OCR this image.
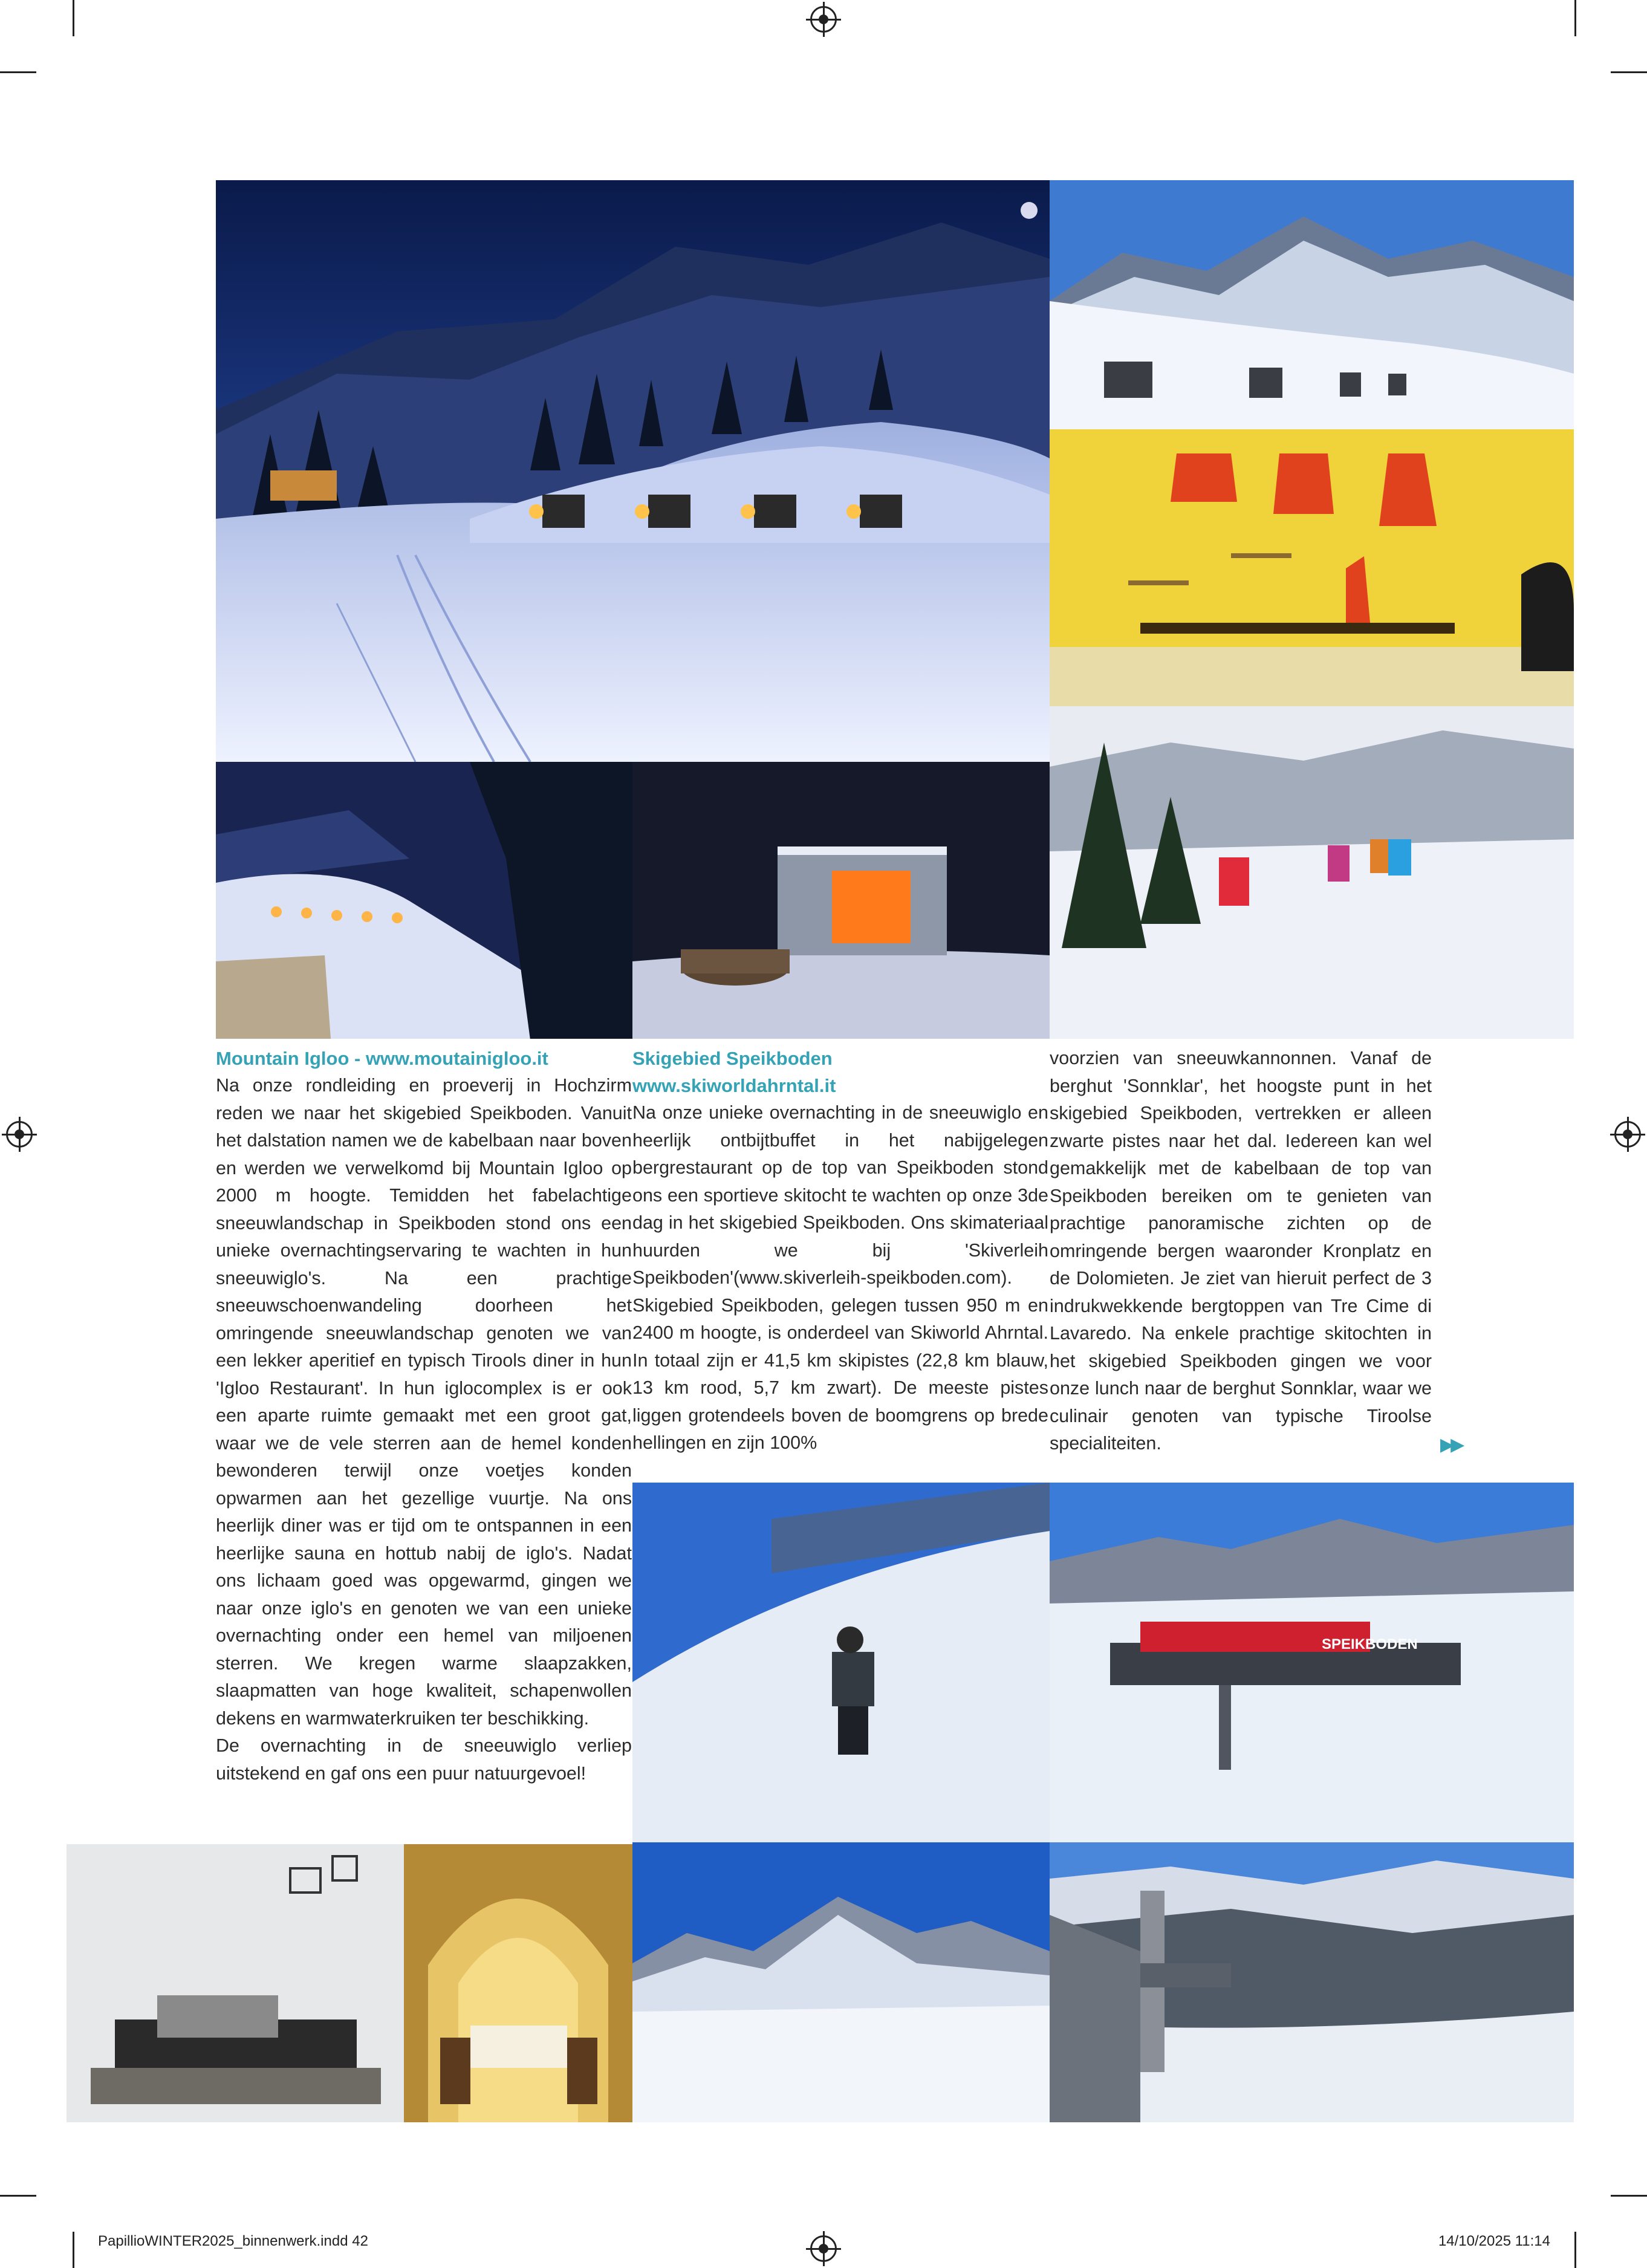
SPEIKBODEN

Mountain Igloo - www.moutainigloo.it

Na onze rondleiding en proeverij in Hochzirm reden we naar het skigebied Speikboden. Vanuit het dalstation namen we de kabelbaan naar boven en werden we verwelkomd bij Mountain Igloo op 2000 m hoogte. Temidden het fabelachtige sneeuwlandschap in Speikboden stond ons een unieke overnachtingservaring te wachten in hun sneeuwiglo's. Na een prachtige sneeuwschoenwandeling doorheen het omringende sneeuwlandschap genoten we van een lekker aperitief en typisch Tirools diner in hun 'Igloo Restaurant'. In hun iglocomplex is er ook een aparte ruimte gemaakt met een groot gat, waar we de vele sterren aan de hemel konden bewonderen terwijl onze voetjes konden opwarmen aan het gezellige vuurtje. Na ons heerlijk diner was er tijd om te ontspannen in een heerlijke sauna en hottub nabij de iglo's. Nadat ons lichaam goed was opgewarmd, gingen we naar onze iglo's en genoten we van een unieke overnachting onder een hemel van miljoenen sterren. We kregen warme slaapzakken, slaapmatten van hoge kwaliteit, schapenwollen dekens en warmwaterkruiken ter beschikking.

De overnachting in de sneeuwiglo verliep uitstekend en gaf ons een puur natuurgevoel!

Skigebied Speikboden

www.skiworldahrntal.it

Na onze unieke overnachting in de sneeuwiglo en heerlijk ontbijtbuffet in het nabijgelegen bergrestaurant op de top van Speikboden stond ons een sportieve skitocht te wachten op onze 3de dag in het skigebied Speikboden. Ons skimateriaal huurden we bij 'Skiverleih Speikboden'(www.skiverleih-speikboden.com). Skigebied Speikboden, gelegen tussen 950 m en 2400 m hoogte, is onderdeel van Skiworld Ahrntal. In totaal zijn er 41,5 km skipistes (22,8 km blauw, 13 km rood, 5,7 km zwart). De meeste pistes liggen grotendeels boven de boomgrens op brede hellingen en zijn 100%

voorzien van sneeuwkannonnen. Vanaf de berghut 'Sonnklar', het hoogste punt in het skigebied Speikboden, vertrekken er alleen zwarte pistes naar het dal. Iedereen kan wel gemakkelijk met de kabelbaan de top van Speikboden bereiken om te genieten van prachtige panoramische zichten op de omringende bergen waaronder Kronplatz en de Dolomieten. Je ziet van hieruit perfect de 3 indrukwekkende bergtoppen van Tre Cime di Lavaredo. Na enkele prachtige skitochten in het skigebied Speikboden gingen we voor onze lunch naar de berghut Sonnklar, waar we culinair genoten van typische Tiroolse specialiteiten.	▶▶
PapillioWINTER2025_binnenwerk.indd 42	14/10/2025 11:14
